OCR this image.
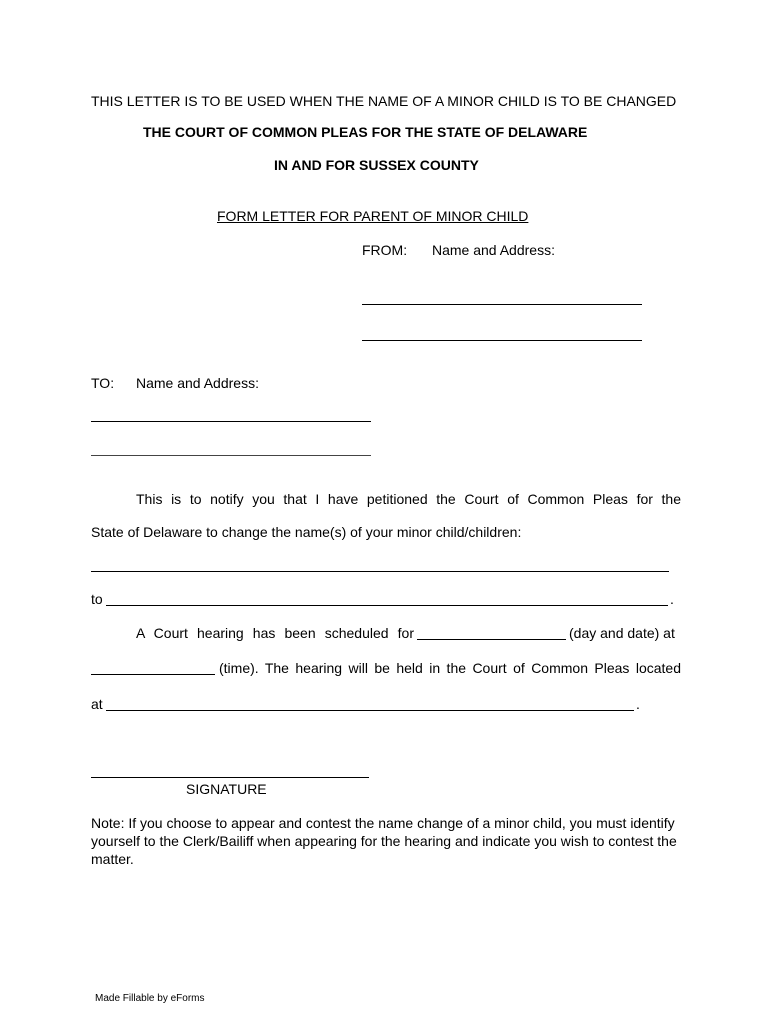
THIS LETTER IS TO BE USED WHEN THE NAME OF A MINOR CHILD IS TO BE CHANGED
THE COURT OF COMMON PLEAS FOR THE STATE OF DELAWARE
IN AND FOR SUSSEX COUNTY
FORM LETTER FOR PARENT OF MINOR CHILD
FROM: Name and Address:
TO: Name and Address:
This is to notify you that I have petitioned the Court of Common Pleas for the
State of Delaware to change the name(s) of your minor child/children:
to	.
A Court hearing has been scheduled for	(day and date) at
(time). The hearing will be held in the Court of Common Pleas located
at	.
SIGNATURE
Note: If you choose to appear and contest the name change of a minor child, you must identify yourself to the Clerk/Bailiff when appearing for the hearing and indicate you wish to contest the matter.
Made Fillable by eForms
